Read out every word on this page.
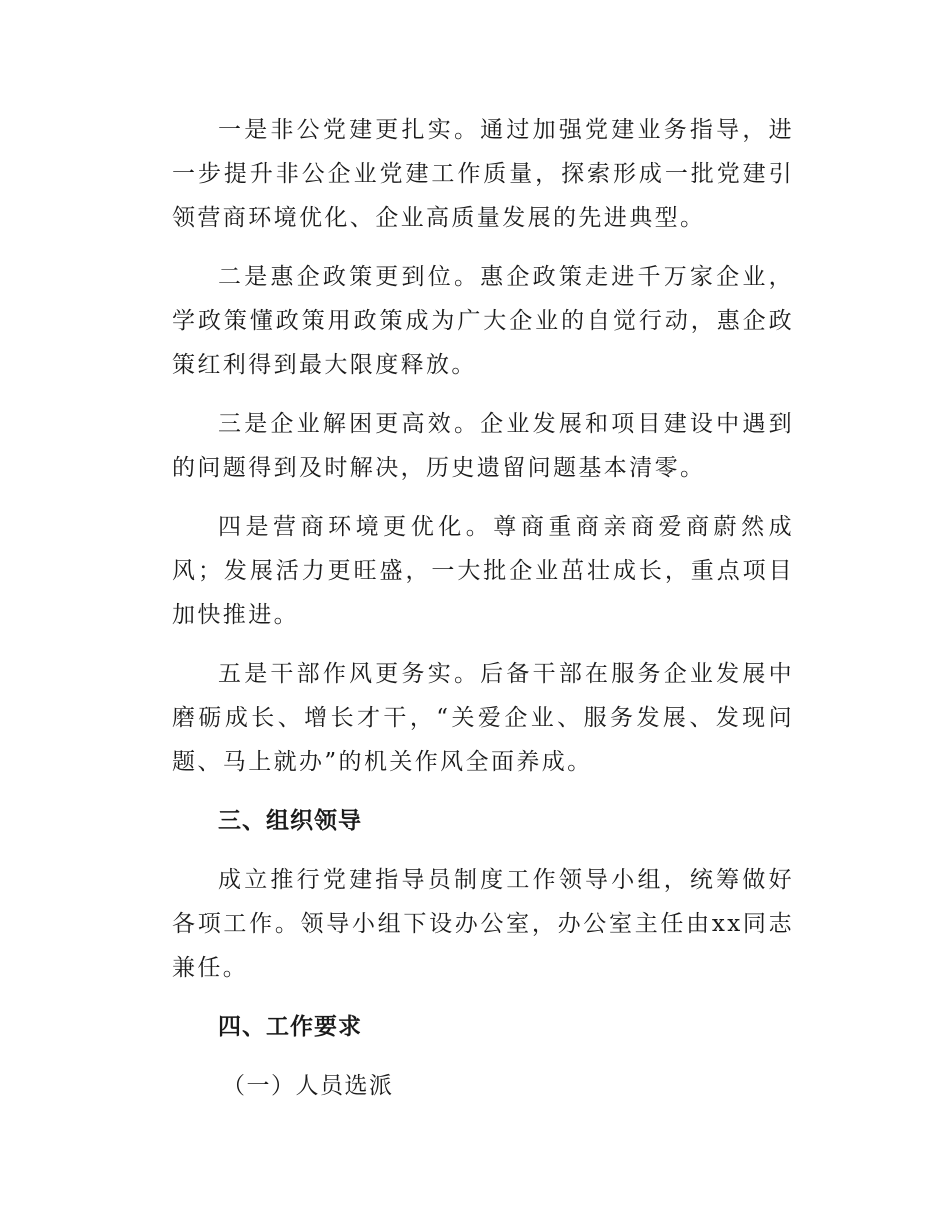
一是非公党建更扎实。通过加强党建业务指导，进一步提升非公企业党建工作质量，探索形成一批党建引领营商环境优化、企业高质量发展的先进典型。

二是惠企政策更到位。惠企政策走进千万家企业，学政策懂政策用政策成为广大企业的自觉行动，惠企政策红利得到最大限度释放。

三是企业解困更高效。企业发展和项目建设中遇到的问题得到及时解决，历史遗留问题基本清零。

四是营商环境更优化。尊商重商亲商爱商蔚然成风；发展活力更旺盛，一大批企业茁壮成长，重点项目加快推进。

五是干部作风更务实。后备干部在服务企业发展中磨砺成长、增长才干，“关爱企业、服务发展、发现问题、马上就办”的机关作风全面养成。

三、组织领导

成立推行党建指导员制度工作领导小组，统筹做好各项工作。领导小组下设办公室，办公室主任由xx同志兼任。

四、工作要求

（一）人员选派
